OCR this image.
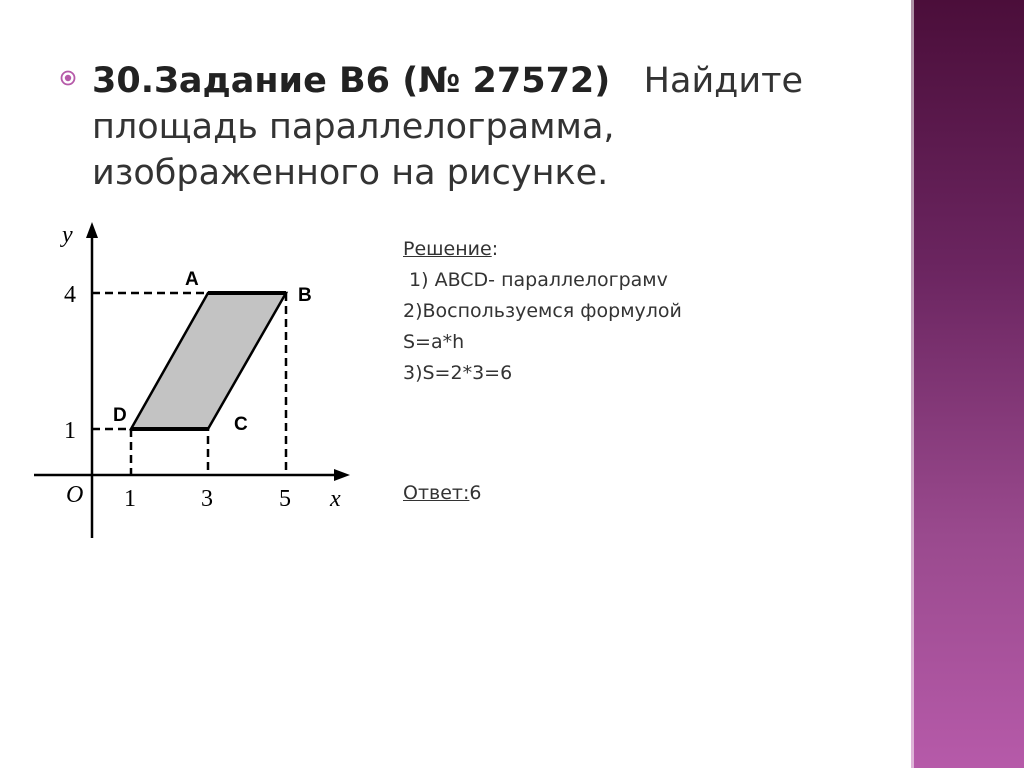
30.Задание B6 (№ 27572) Найдите площадь параллелограмма, изображенного на рисунке.
y
x
O
4
1
1	3	5
A
B
C
D
Решение:
1) ABCD- параллелограмv
2)Воспользуемся формулой
S=a*h
3)S=2*3=6
Ответ:6
